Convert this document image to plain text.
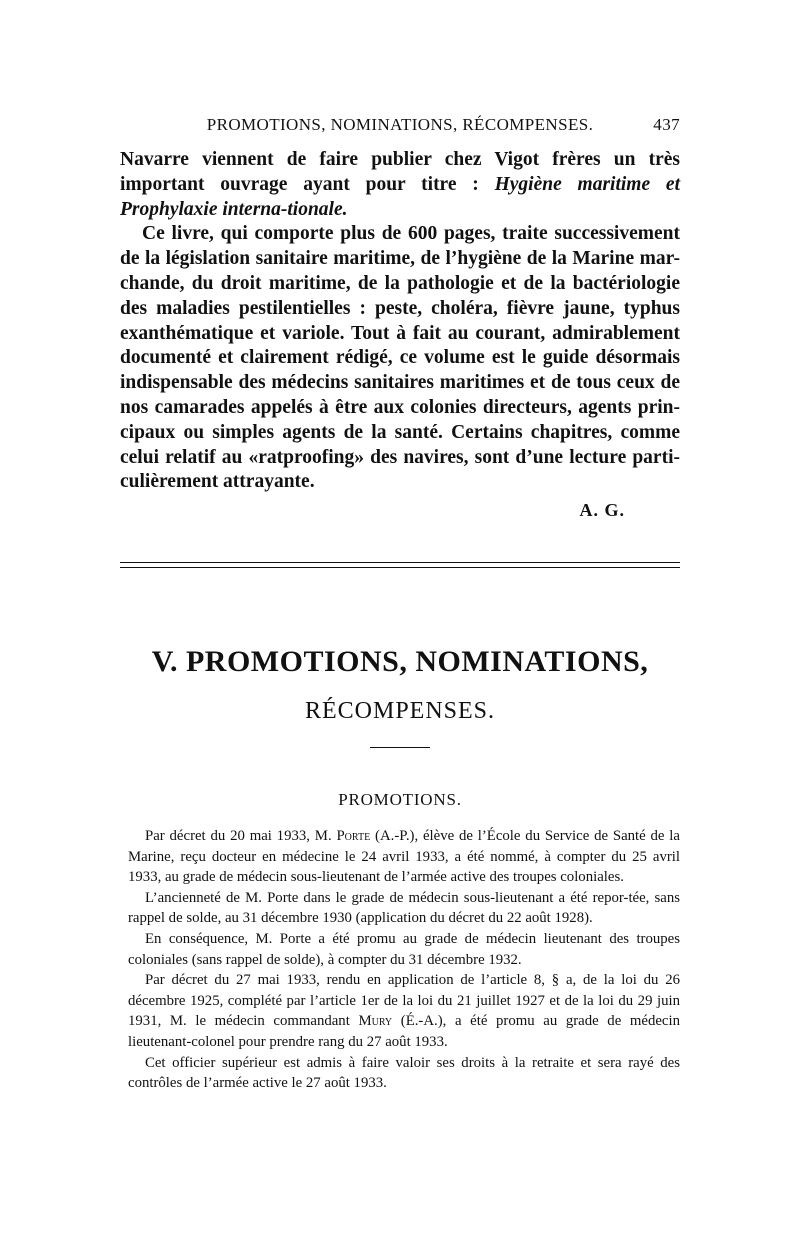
PROMOTIONS, NOMINATIONS, RÉCOMPENSES.	437

Navarre viennent de faire publier chez Vigot frères un très important ouvrage ayant pour titre : Hygiène maritime et Prophylaxie interna-tionale.

Ce livre, qui comporte plus de 600 pages, traite successivement de la législation sanitaire maritime, de l’hygiène de la Marine mar-chande, du droit maritime, de la pathologie et de la bactériologie des maladies pestilentielles : peste, choléra, fièvre jaune, typhus exanthématique et variole. Tout à fait au courant, admirablement documenté et clairement rédigé, ce volume est le guide désormais indispensable des médecins sanitaires maritimes et de tous ceux de nos camarades appelés à être aux colonies directeurs, agents prin-cipaux ou simples agents de la santé. Certains chapitres, comme celui relatif au «ratproofing» des navires, sont d’une lecture parti-culièrement attrayante.

A. G.
V. PROMOTIONS, NOMINATIONS,
RÉCOMPENSES.
PROMOTIONS.

Par décret du 20 mai 1933, M. Porte (A.-P.), élève de l’École du Service de Santé de la Marine, reçu docteur en médecine le 24 avril 1933, a été nommé, à compter du 25 avril 1933, au grade de médecin sous-lieutenant de l’armée active des troupes coloniales.

L’ancienneté de M. Porte dans le grade de médecin sous-lieutenant a été repor-tée, sans rappel de solde, au 31 décembre 1930 (application du décret du 22 août 1928).

En conséquence, M. Porte a été promu au grade de médecin lieutenant des troupes coloniales (sans rappel de solde), à compter du 31 décembre 1932.

Par décret du 27 mai 1933, rendu en application de l’article 8, § a, de la loi du 26 décembre 1925, complété par l’article 1er de la loi du 21 juillet 1927 et de la loi du 29 juin 1931, M. le médecin commandant Mury (É.-A.), a été promu au grade de médecin lieutenant-colonel pour prendre rang du 27 août 1933.

Cet officier supérieur est admis à faire valoir ses droits à la retraite et sera rayé des contrôles de l’armée active le 27 août 1933.
